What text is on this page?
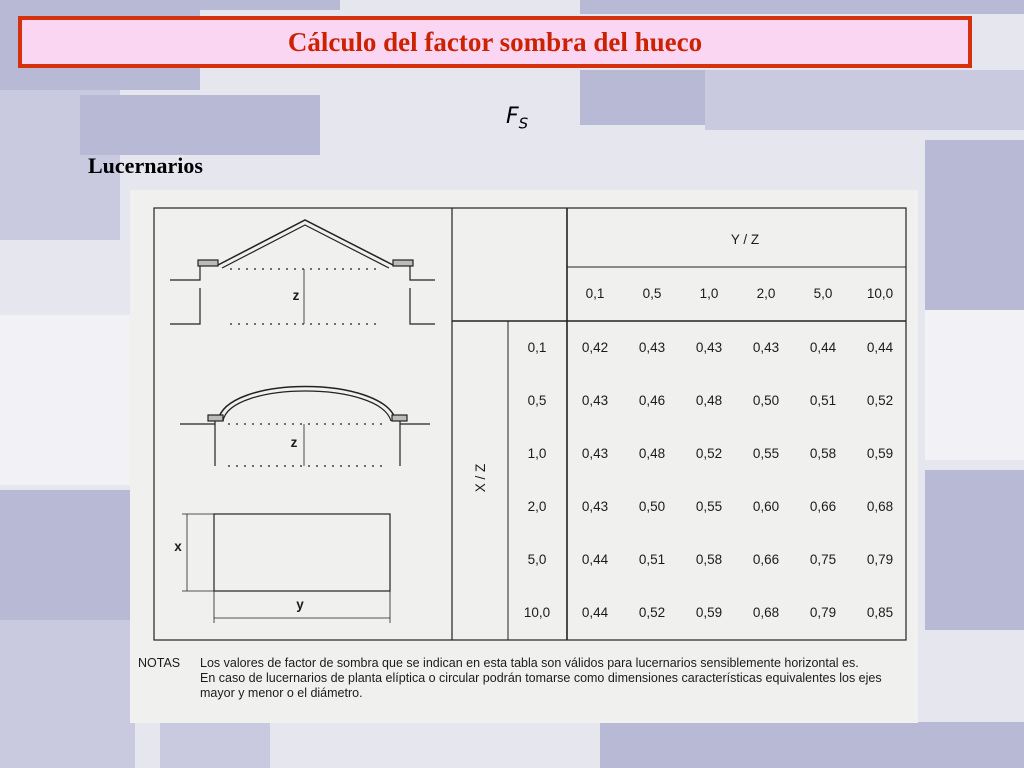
Cálculo del factor sombra del hueco
$F_S$
Lucernarios
Y / Z
X / Z
0,1	0,5	1,0	2,0	5,0	10,0
0,1
0,5
1,0
2,0
5,0
10,0
0,42 0,43 0,43 0,43 0,44 0,44
0,43 0,46 0,48 0,50 0,51 0,52
0,43 0,48 0,52 0,55 0,58 0,59
0,43 0,50 0,55 0,60 0,66 0,68
0,44 0,51 0,58 0,66 0,75 0,79
0,44 0,52 0,59 0,68 0,79 0,85
z
z
x
y
NOTAS Los valores de factor de sombra que se indican en esta tabla son válidos para lucernarios sensiblemente horizontal es.
En caso de lucernarios de planta elíptica o circular podrán tomarse como dimensiones características equivalentes los ejes mayor y menor o el diámetro.
